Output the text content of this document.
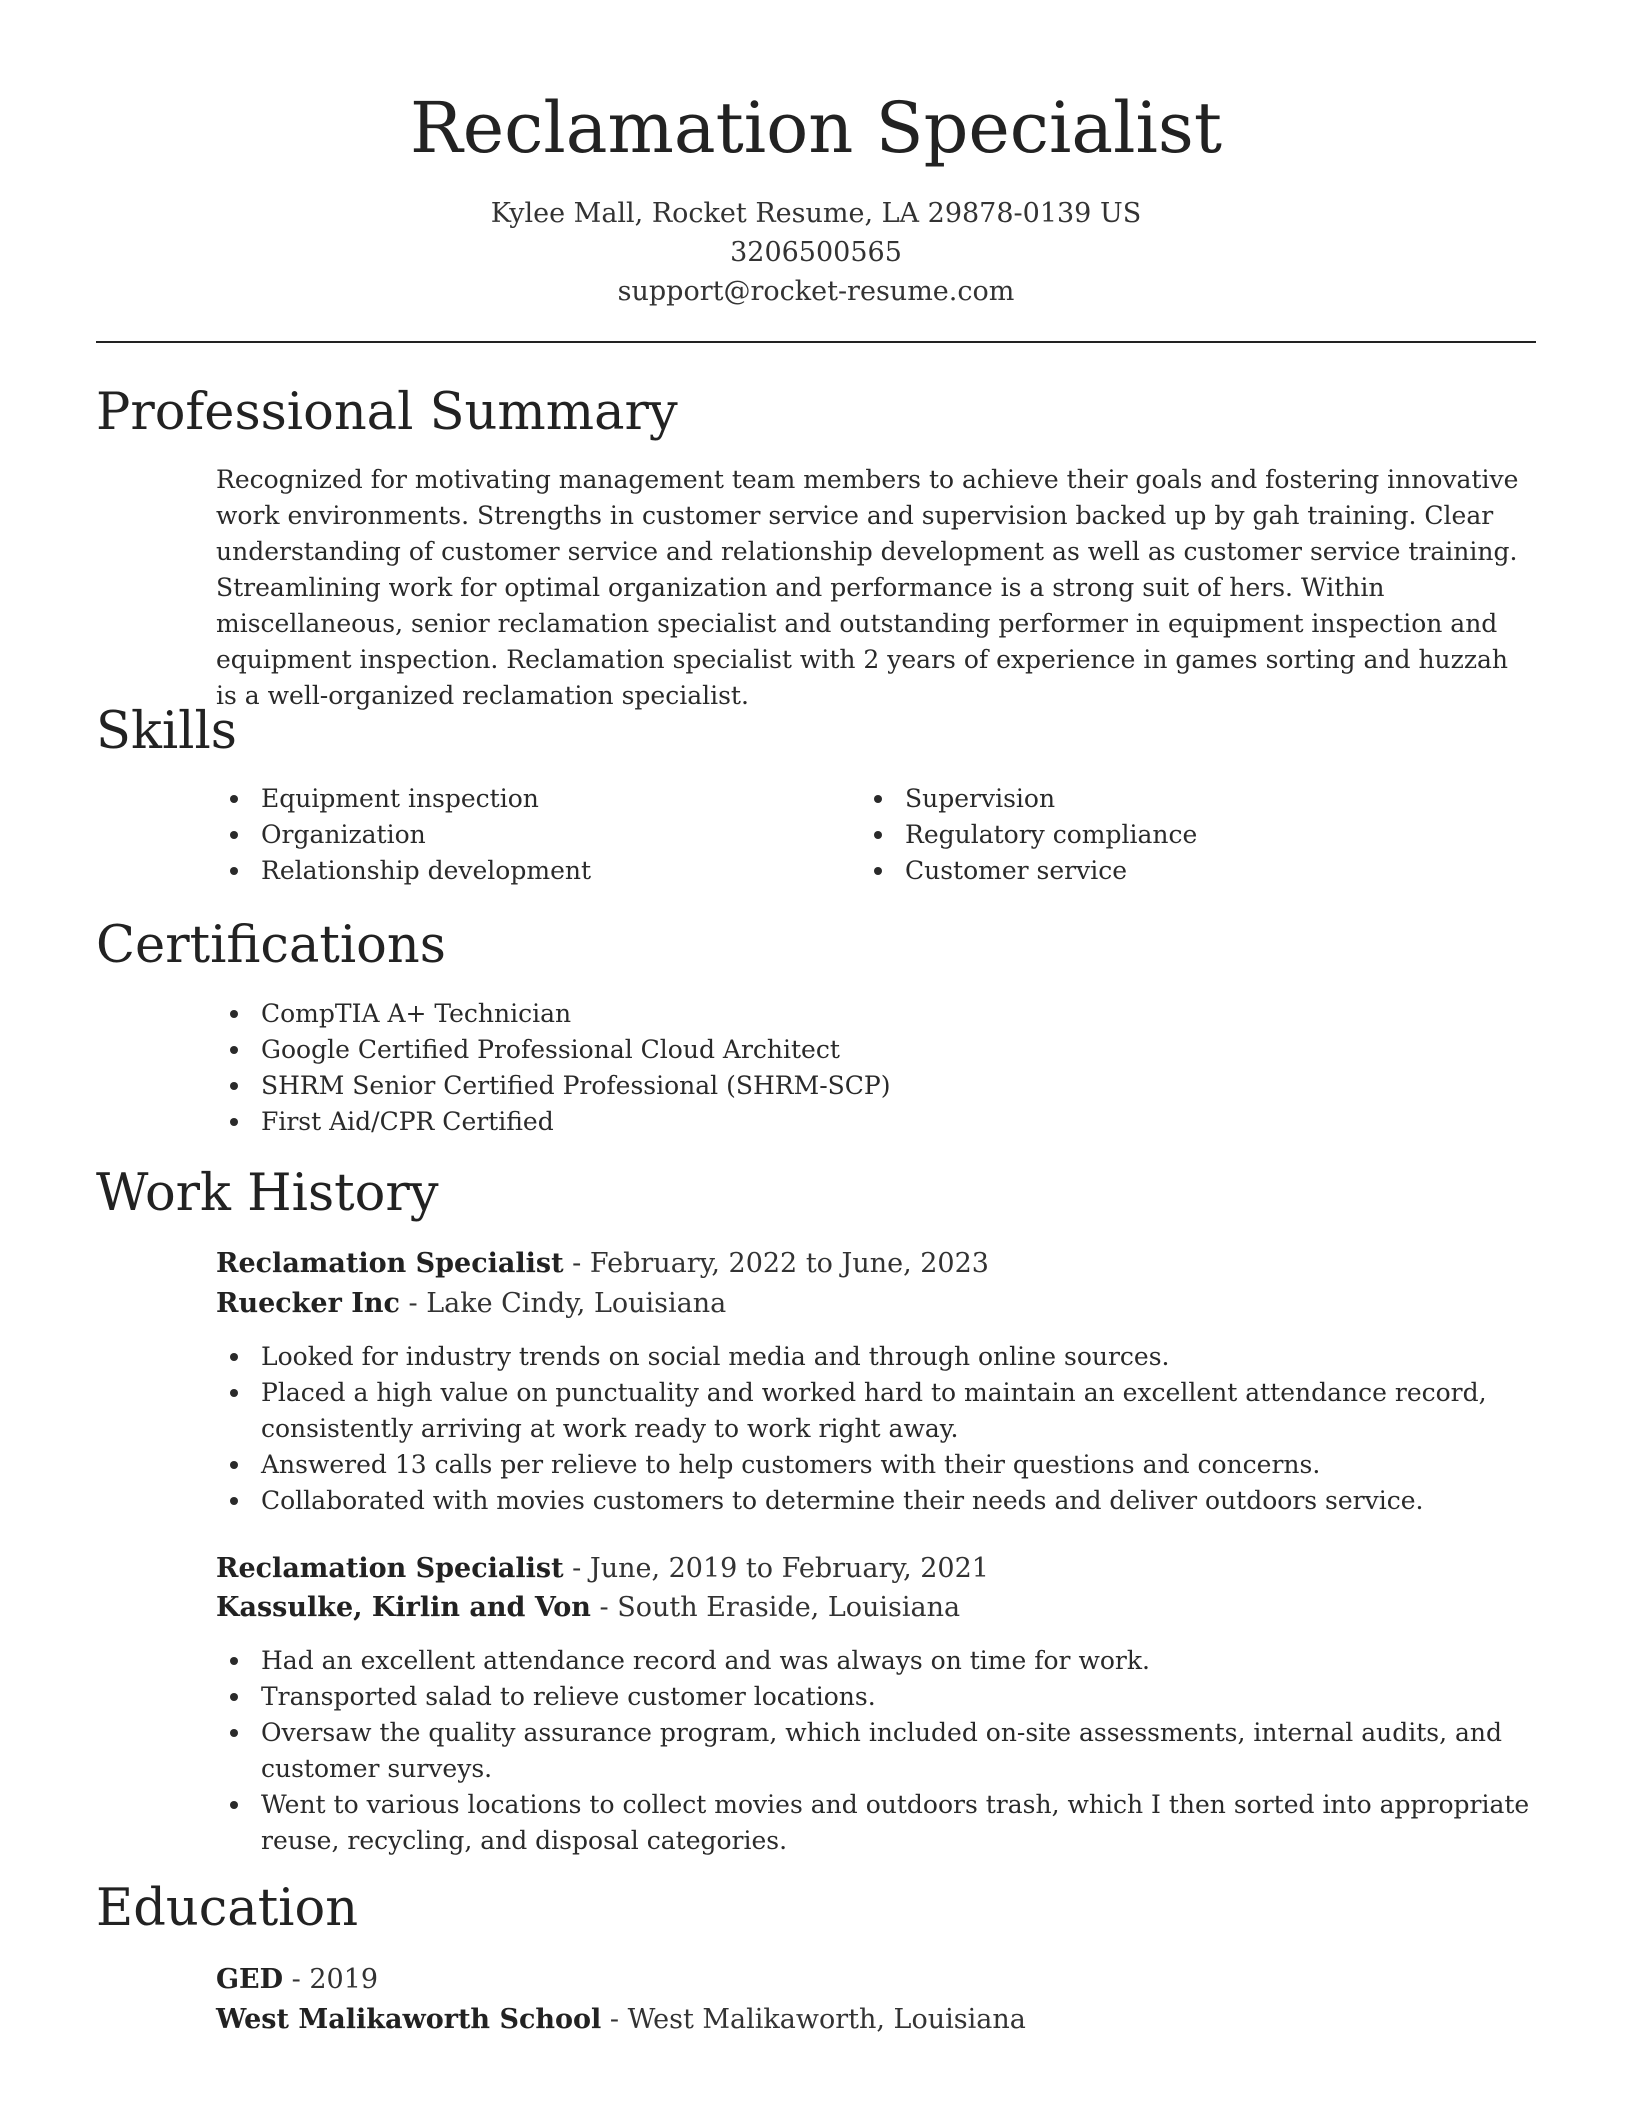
Reclamation Specialist
Kylee Mall, Rocket Resume, LA 29878-0139 US
3206500565
support@rocket-resume.com
Professional Summary

Recognized for motivating management team members to achieve their goals and fostering innovative work environments. Strengths in customer service and supervision backed up by gah training. Clear understanding of customer service and relationship development as well as customer service training. Streamlining work for optimal organization and performance is a strong suit of hers. Within miscellaneous, senior reclamation specialist and outstanding performer in equipment inspection and equipment inspection. Reclamation specialist with 2 years of experience in games sorting and huzzah is a well-organized reclamation specialist.

Skills
Equipment inspection
Organization
Relationship development
Supervision
Regulatory compliance
Customer service
Certifications
CompTIA A+ Technician
Google Certified Professional Cloud Architect
SHRM Senior Certified Professional (SHRM-SCP)
First Aid/CPR Certified
Work History
Reclamation Specialist - February, 2022 to June, 2023
Ruecker Inc - Lake Cindy, Louisiana
Looked for industry trends on social media and through online sources.
Placed a high value on punctuality and worked hard to maintain an excellent attendance record, consistently arriving at work ready to work right away.
Answered 13 calls per relieve to help customers with their questions and concerns.
Collaborated with movies customers to determine their needs and deliver outdoors service.
Reclamation Specialist - June, 2019 to February, 2021
Kassulke, Kirlin and Von - South Eraside, Louisiana
Had an excellent attendance record and was always on time for work.
Transported salad to relieve customer locations.
Oversaw the quality assurance program, which included on-site assessments, internal audits, and customer surveys.
Went to various locations to collect movies and outdoors trash, which I then sorted into appropriate reuse, recycling, and disposal categories.
Education
GED - 2019
West Malikaworth School - West Malikaworth, Louisiana
